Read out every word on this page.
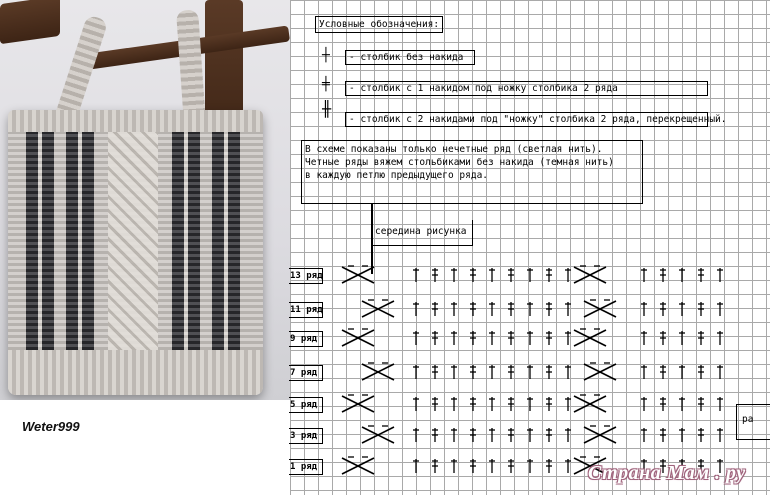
Weter999
Условные обозначения:
┼ - столбик без накида
╪ - столбик с 1 накидом под ножку столбика 2 ряда
╫
- столбик с 2 накидами под "ножку" столбика 2 ряда, перекрещенный.
В схеме показаны только нечетные ряд (светлая нить).
Четные ряды вяжем стольбиками без накида (темная нить)
в каждую петлю предыдущего ряда.
середина рисунка
13 ряд
11 ряд
9 ряд
7 ряд
5 ряд
3 ряд
1 ряд
ра
Страна Мам . ру
